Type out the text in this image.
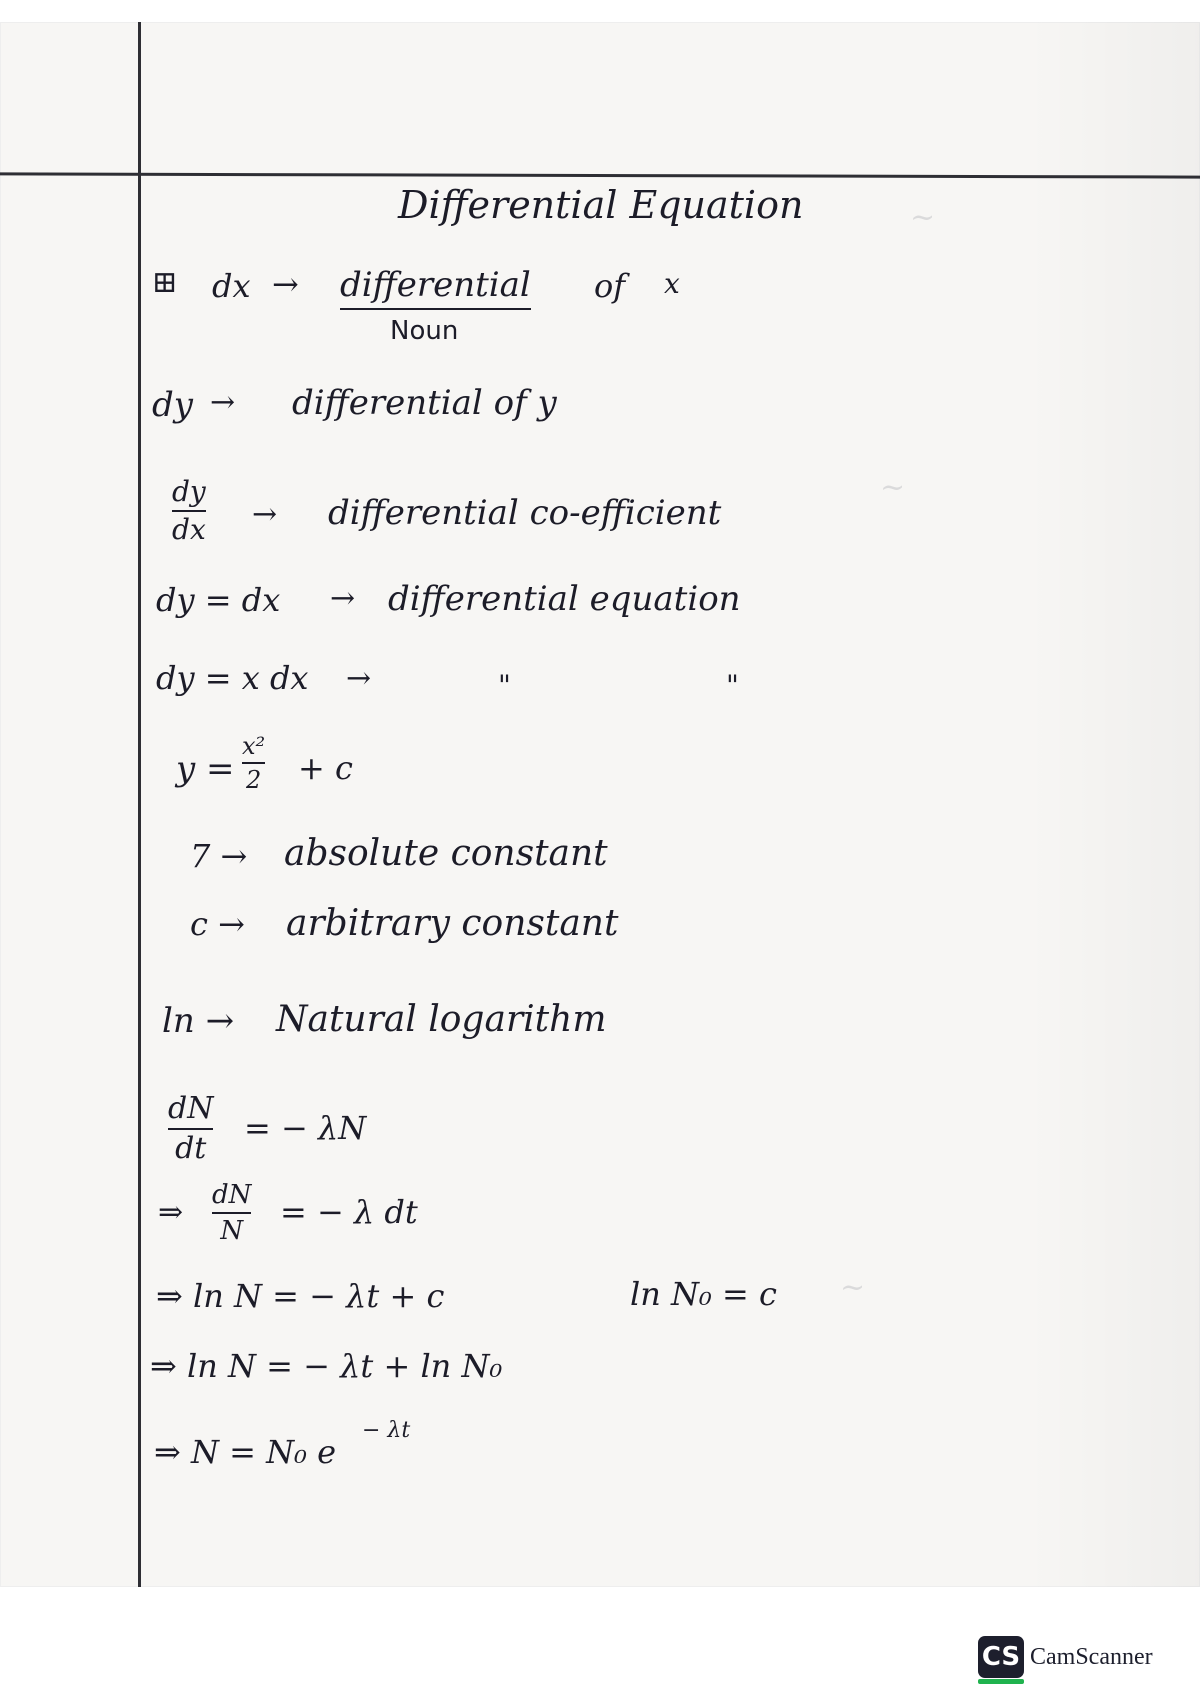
~
~
~
Differential Equation
⊞ dx → differential of x
Noun
dy → differential of y
dy
dx → differential co-efficient
dy = dx → differential equation
dy = x dx →	"	"
y =
x²
2 + c
7 → absolute constant
c → arbitrary constant
ln → Natural logarithm
dN
dt
= − λN
⇒ dN
N = − λ dt
⇒ ln N = − λt + c	ln N₀ = c
⇒ ln N = − λt + ln N₀
⇒ N = N₀ e
− λt
CS CamScanner
